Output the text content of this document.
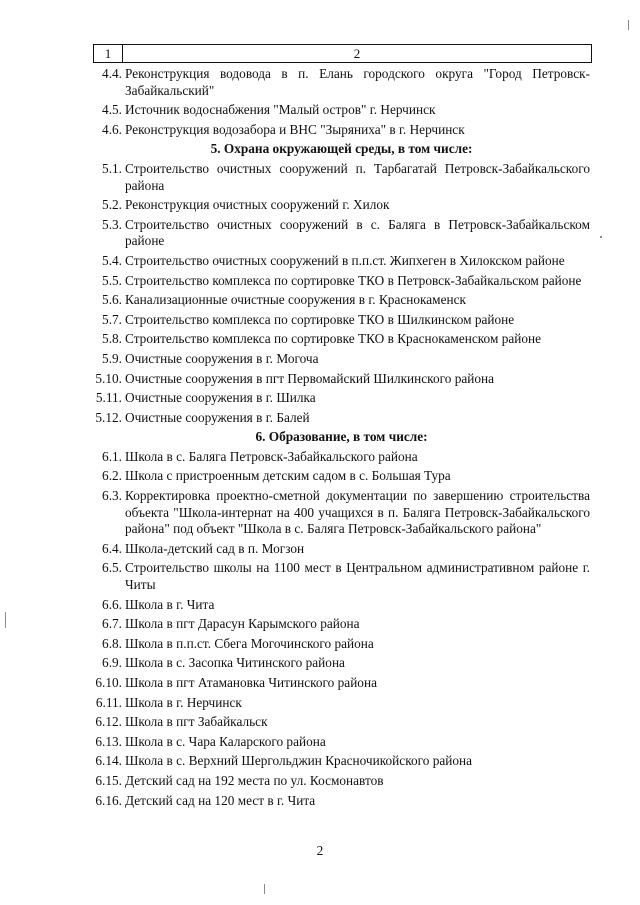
1	2
4.4. Реконструкция водовода в п. Елань городского округа "Город Петровск-Забайкальский"
4.5. Источник водоснабжения "Малый остров" г. Нерчинск
4.6. Реконструкция водозабора и ВНС "Зыряниха" в г. Нерчинск
5. Охрана окружающей среды, в том числе:
5.1. Строительство очистных сооружений п. Тарбагатай Петровск-Забайкальского района
5.2. Реконструкция очистных сооружений г. Хилок
5.3. Строительство очистных сооружений в с. Баляга в Петровск-Забайкальском районе
5.4. Строительство очистных сооружений в п.п.ст. Жипхеген в Хилокском районе
5.5. Строительство комплекса по сортировке ТКО в Петровск-Забайкальском районе
5.6. Канализационные очистные сооружения в г. Краснокаменск
5.7. Строительство комплекса по сортировке ТКО в Шилкинском районе
5.8. Строительство комплекса по сортировке ТКО в Краснокаменском районе
5.9. Очистные сооружения в г. Могоча
5.10. Очистные сооружения в пгт Первомайский Шилкинского района
5.11. Очистные сооружения в г. Шилка
5.12. Очистные сооружения в г. Балей
6. Образование, в том числе:
6.1. Школа в с. Баляга Петровск-Забайкальского района
6.2. Школа с пристроенным детским садом в с. Большая Тура
6.3. Корректировка проектно-сметной документации по завершению строительства объекта "Школа-интернат на 400 учащихся в п. Баляга Петровск-Забайкальского района" под объект "Школа в с. Баляга Петровск-Забайкальского района"
6.4. Школа-детский сад в п. Могзон
6.5. Строительство школы на 1100 мест в Центральном административном районе г. Читы
6.6. Школа в г. Чита
6.7. Школа в пгт Дарасун Карымского района
6.8. Школа в п.п.ст. Сбега Могочинского района
6.9. Школа в с. Засопка Читинского района
6.10. Школа в пгт Атамановка Читинского района
6.11. Школа в г. Нерчинск
6.12. Школа в пгт Забайкальск
6.13. Школа в с. Чара Каларского района
6.14. Школа в с. Верхний Шергольджин Красночикойского района
6.15. Детский сад на 192 места по ул. Космонавтов
6.16. Детский сад на 120 мест в г. Чита
2
